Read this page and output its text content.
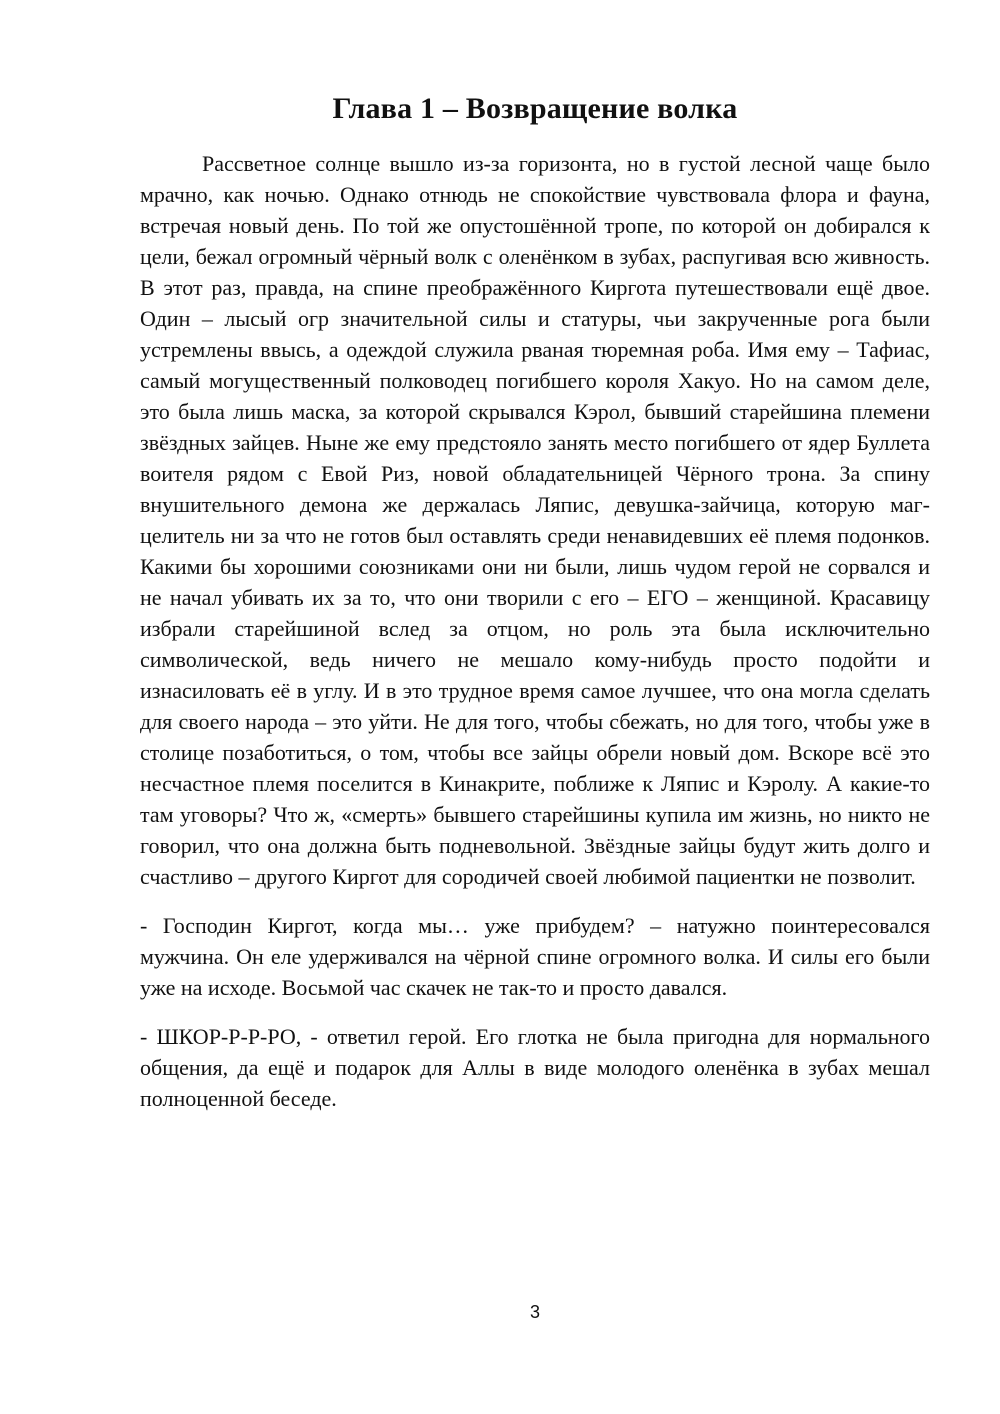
Глава 1 – Возвращение волка

Рассветное солнце вышло из-за горизонта, но в густой лесной чаще было мрачно, как ночью. Однако отнюдь не спокойствие чувствовала флора и фауна, встречая новый день. По той же опустошённой тропе, по которой он добирался к цели, бежал огромный чёрный волк с оленёнком в зубах, распугивая всю живность. В этот раз, правда, на спине преображённого Киргота путешествовали ещё двое. Один – лысый огр значительной силы и статуры, чьи закрученные рога были устремлены ввысь, а одеждой служила рваная тюремная роба. Имя ему – Тафиас, самый могущественный полководец погибшего короля Хакуо. Но на самом деле, это была лишь маска, за которой скрывался Кэрол, бывший старейшина племени звёздных зайцев. Ныне же ему предстояло занять место погибшего от ядер Буллета воителя рядом с Евой Риз, новой обладательницей Чёрного трона. За спину внушительного демона же держалась Ляпис, девушка-зайчица, которую маг-целитель ни за что не готов был оставлять среди ненавидевших её племя подонков. Какими бы хорошими союзниками они ни были, лишь чудом герой не сорвался и не начал убивать их за то, что они творили с его – ЕГО – женщиной. Красавицу избрали старейшиной вслед за отцом, но роль эта была исключительно символической, ведь ничего не мешало кому-нибудь просто подойти и изнасиловать её в углу. И в это трудное время самое лучшее, что она могла сделать для своего народа – это уйти. Не для того, чтобы сбежать, но для того, чтобы уже в столице позаботиться, о том, чтобы все зайцы обрели новый дом. Вскоре всё это несчастное племя поселится в Кинакрите, поближе к Ляпис и Кэролу. А какие-то там уговоры? Что ж, «смерть» бывшего старейшины купила им жизнь, но никто не говорил, что она должна быть подневольной. Звёздные зайцы будут жить долго и счастливо – другого Киргот для сородичей своей любимой пациентки не позволит.

- Господин Киргот, когда мы… уже прибудем? – натужно поинтересовался мужчина. Он еле удерживался на чёрной спине огромного волка. И силы его были уже на исходе. Восьмой час скачек не так-то и просто давался.

- ШКОР-Р-Р-РО, - ответил герой. Его глотка не была пригодна для нормального общения, да ещё и подарок для Аллы в виде молодого оленёнка в зубах мешал полноценной беседе.

3
